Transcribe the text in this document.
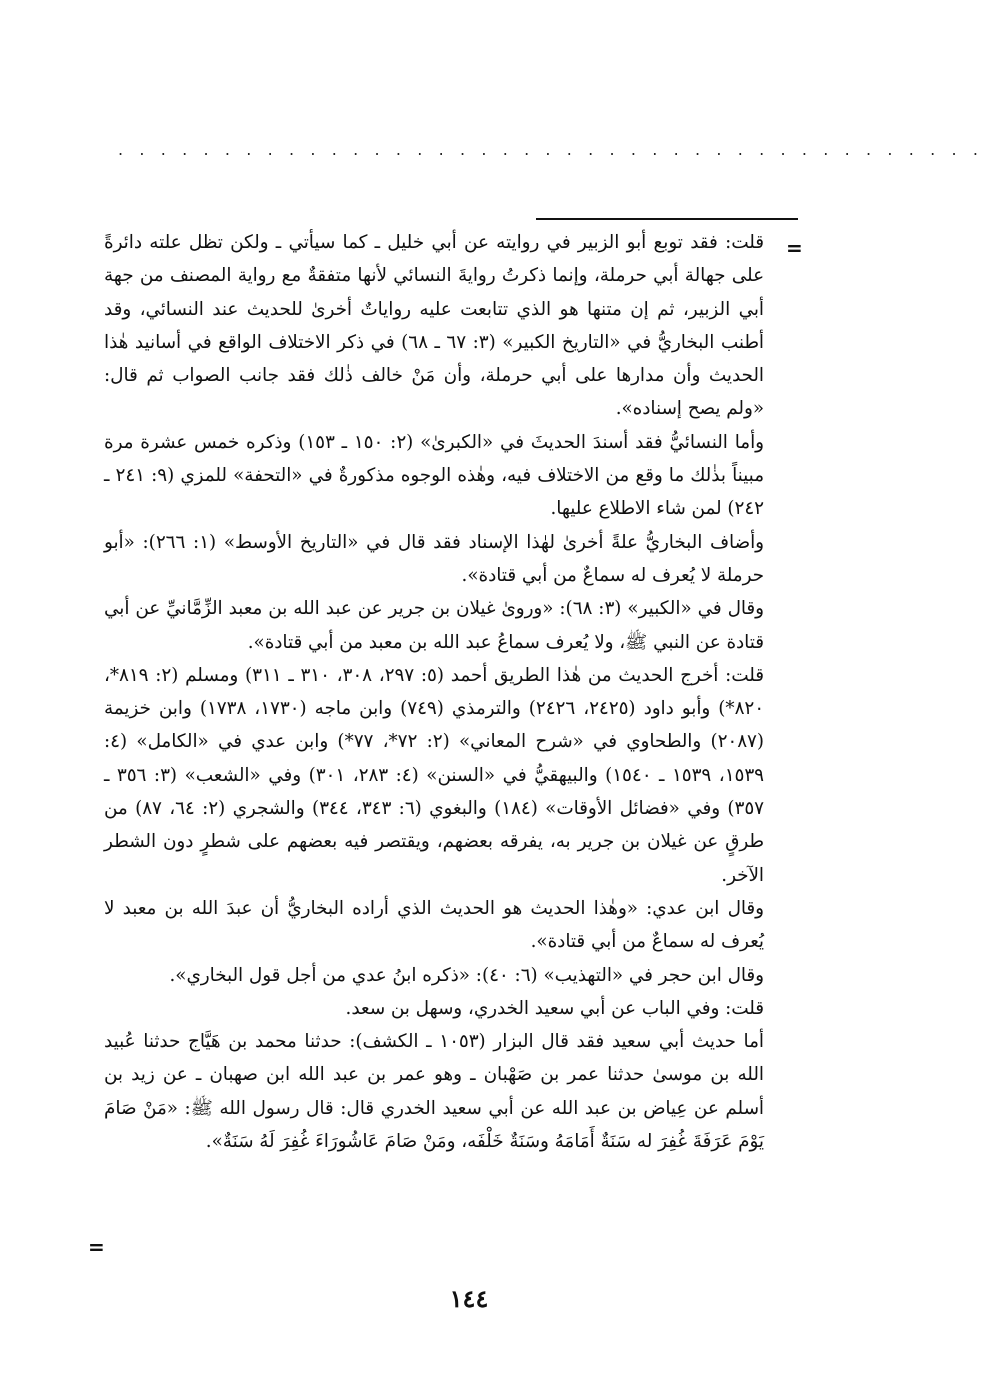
. . . . . . . . . . . . . . . . . . . . . . . . . . . . . . . . . . . . . . . . .
=

قلت: فقد توبع أبو الزبير في روايته عن أبي خليل ـ كما سيأتي ـ ولكن تظل علته دائرةً على جهالة أبي حرملة، وإنما ذكرتُ روايةَ النسائي لأنها متفقةٌ مع رواية المصنف من جهة أبي الزبير، ثم إن متنها هو الذي تتابعت عليه رواياتٌ أخرىٰ للحديث عند النسائي، وقد أطنب البخاريُّ في «التاريخ الكبير» (٣: ٦٧ ـ ٦٨) في ذكر الاختلاف الواقع في أسانيد هٰذا الحديث وأن مدارها على أبي حرملة، وأن مَنْ خالف ذٰلك فقد جانب الصواب ثم قال: «ولم يصح إسناده».

وأما النسائيُّ فقد أسندَ الحديثَ في «الكبرىٰ» (٢: ١٥٠ ـ ١٥٣) وذكره خمس عشرة مرة مبيناً بذٰلك ما وقع من الاختلاف فيه، وهٰذه الوجوه مذكورةٌ في «التحفة» للمزي (٩: ٢٤١ ـ ٢٤٢) لمن شاء الاطلاع عليها.

وأضاف البخاريُّ علةً أخرىٰ لهٰذا الإسناد فقد قال في «التاريخ الأوسط» (١: ٢٦٦): «أبو حرملة لا يُعرف له سماعٌ من أبي قتادة».

وقال في «الكبير» (٣: ٦٨): «ورویٰ غيلان بن جرير عن عبد الله بن معبد الزِّمَّانيِّ عن أبي قتادة عن النبي ﷺ، ولا يُعرف سماعُ عبد الله بن معبد من أبي قتادة».

قلت: أخرج الحديث من هٰذا الطريق أحمد (٥: ٢٩٧، ٣٠٨، ٣١٠ ـ ٣١١) ومسلم (٢: ٨١٩*، ٨٢٠*) وأبو داود (٢٤٢٥، ٢٤٢٦) والترمذي (٧٤٩) وابن ماجه (١٧٣٠، ١٧٣٨) وابن خزيمة (٢٠٨٧) والطحاوي في «شرح المعاني» (٢: ٧٢*، ٧٧*) وابن عدي في «الكامل» (٤: ١٥٣٩، ١٥٣٩ ـ ١٥٤٠) والبيهقيُّ في «السنن» (٤: ٢٨٣، ٣٠١) وفي «الشعب» (٣: ٣٥٦ ـ ٣٥٧) وفي «فضائل الأوقات» (١٨٤) والبغوي (٦: ٣٤٣، ٣٤٤) والشجري (٢: ٦٤، ٨٧) من طرقٍ عن غيلان بن جرير به، يفرقه بعضهم، ويقتصر فيه بعضهم على شطرٍ دون الشطر الآخر.

وقال ابن عدي: «وهٰذا الحديث هو الحديث الذي أراده البخاريُّ أن عبدَ الله بن معبد لا يُعرف له سماعٌ من أبي قتادة».

وقال ابن حجر في «التهذيب» (٦: ٤٠): «ذكره ابنُ عدي من أجل قول البخاري».

قلت: وفي الباب عن أبي سعيد الخدري، وسهل بن سعد.

أما حديث أبي سعيد فقد قال البزار (١٠٥٣ ـ الكشف): حدثنا محمد بن هَيَّاج حدثنا عُبيد الله بن موسىٰ حدثنا عمر بن صَهْبان ـ وهو عمر بن عبد الله ابن صهبان ـ عن زيد بن أسلم عن عِياض بن عبد الله عن أبي سعيد الخدري قال: قال رسول الله ﷺ: «مَنْ صَامَ يَوْمَ عَرَفَةَ غُفِرَ له سَنَةٌ أَمَامَهُ وسَنَةٌ خَلْفَه، ومَنْ صَامَ عَاشُورَاءَ غُفِرَ لَهُ سَنَةٌ».

=
١٤٤
